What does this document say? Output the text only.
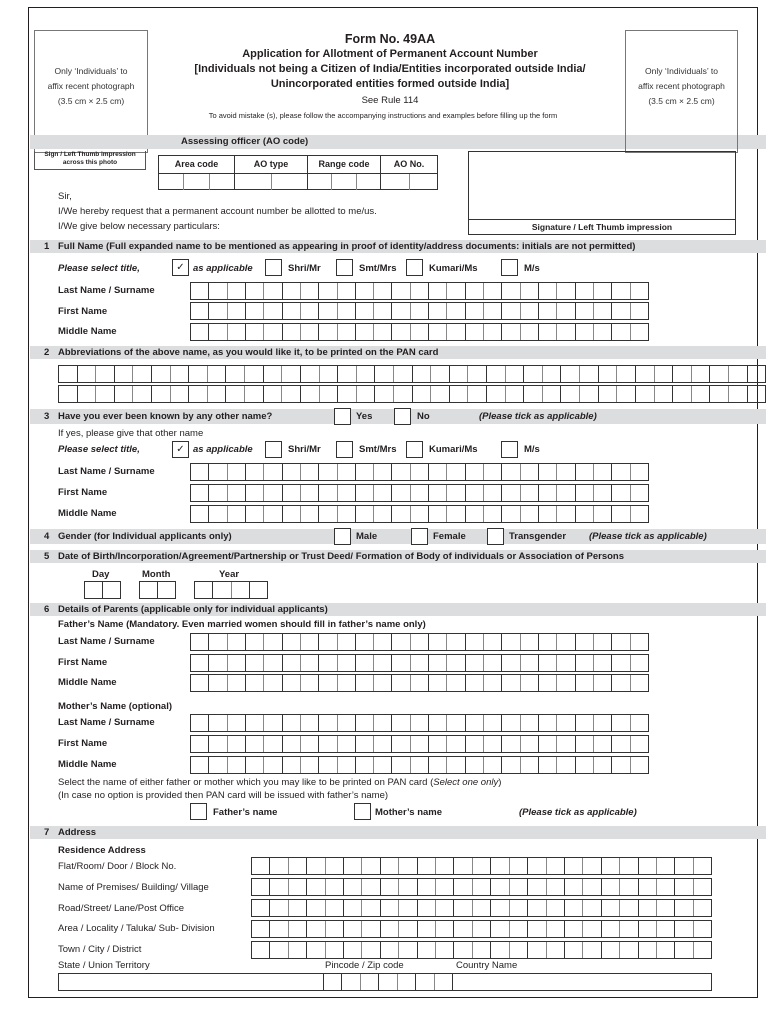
Only ‘Individuals’ to
affix recent photograph
(3.5 cm × 2.5 cm)
Sign / Left Thumb impression
across this photo
Only ‘Individuals’ to
affix recent photograph
(3.5 cm × 2.5 cm)
Form No. 49AA
Application for Allotment of Permanent Account Number
[Individuals not being a Citizen of India/Entities incorporated outside India/
Unincorporated entities formed outside India]
See Rule 114
To avoid mistake (s), please follow the accompanying instructions and examples before filling up the form
Assessing officer (AO code)
Area code	AO type	Range code	AO No.
Signature / Left Thumb impression
Sir,
I/We hereby request that a permanent account number be allotted to me/us.
I/We give below necessary particulars:
1 Full Name (Full expanded name to be mentioned as appearing in proof of identity/address documents: initials are not permitted)
Please select title,	✓ as applicable	Shri/Mr	Smt/Mrs	Kumari/Ms	M/s
Last Name / Surname
First Name
Middle Name
2 Abbreviations of the above name, as you would like it, to be printed on the PAN card
3 Have you ever been known by any other name?	Yes	No	(Please tick as applicable)
If yes, please give that other name
Please select title,	✓ as applicable	Shri/Mr	Smt/Mrs	Kumari/Ms	M/s
Last Name / Surname
First Name
Middle Name
4 Gender (for Individual applicants only)	Male	Female	Transgender (Please tick as applicable)
5 Date of Birth/Incorporation/Agreement/Partnership or Trust Deed/ Formation of Body of individuals or Association of Persons
Day	Month	Year
6 Details of Parents (applicable only for individual applicants)
Father’s Name (Mandatory. Even married women should fill in father’s name only)
Last Name / Surname
First Name
Middle Name
Mother’s Name (optional)
Last Name / Surname
First Name
Middle Name
Select the name of either father or mother which you may like to be printed on PAN card (Select one only)
(In case no option is provided then PAN card will be issued with father’s name)
Father’s name	Mother’s name	(Please tick as applicable)
7 Address
Residence Address
Flat/Room/ Door / Block No.
Name of Premises/ Building/ Village
Road/Street/ Lane/Post Office
Area / Locality / Taluka/ Sub- Division
Town / City / District
State / Union Territory	Pincode / Zip code	Country Name
